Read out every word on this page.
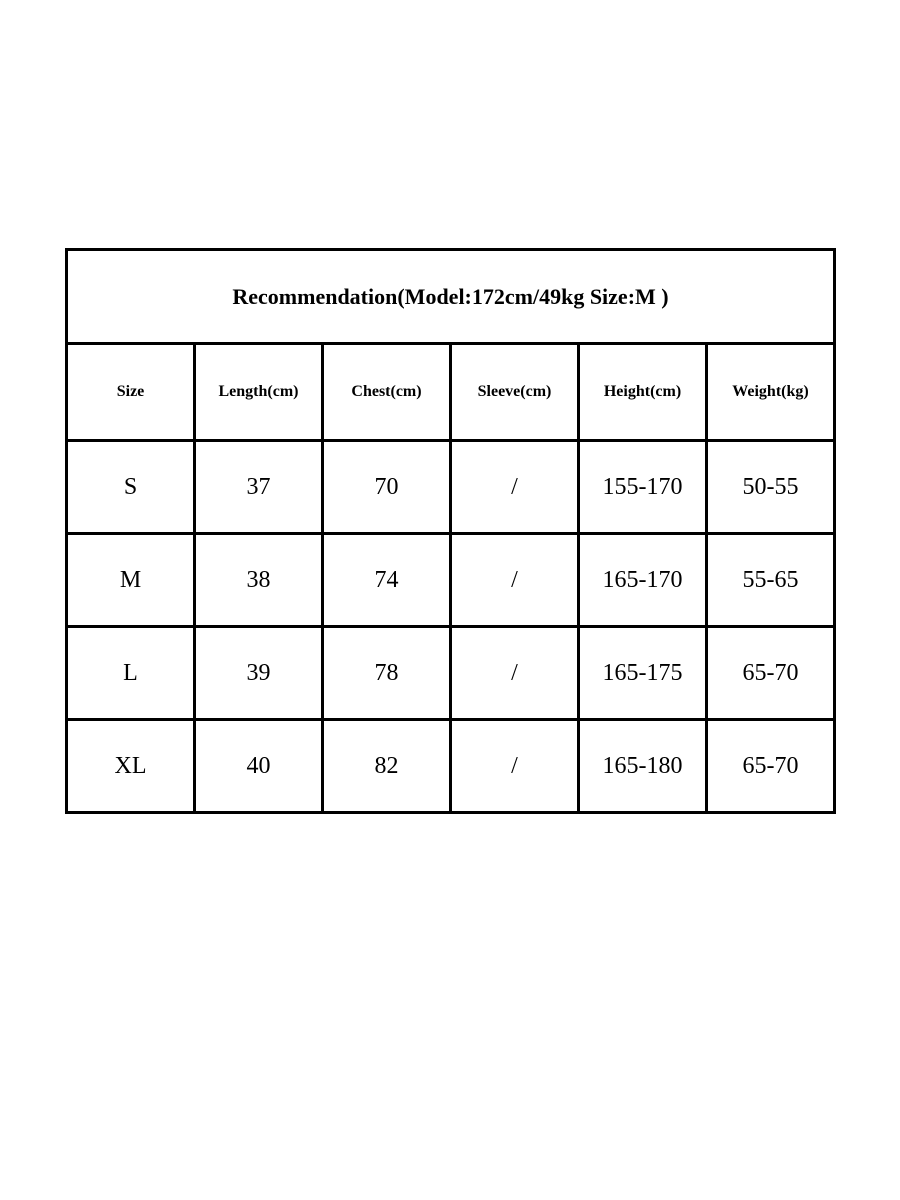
Recommendation(Model:172cm/49kg Size:M )					
Size	Length(cm)	Chest(cm)	Sleeve(cm)	Height(cm)	Weight(kg)
S	37	70	/	155-170	50-55
M	38	74	/	165-170	55-65
L	39	78	/	165-175	65-70
XL	40	82	/	165-180	65-70
